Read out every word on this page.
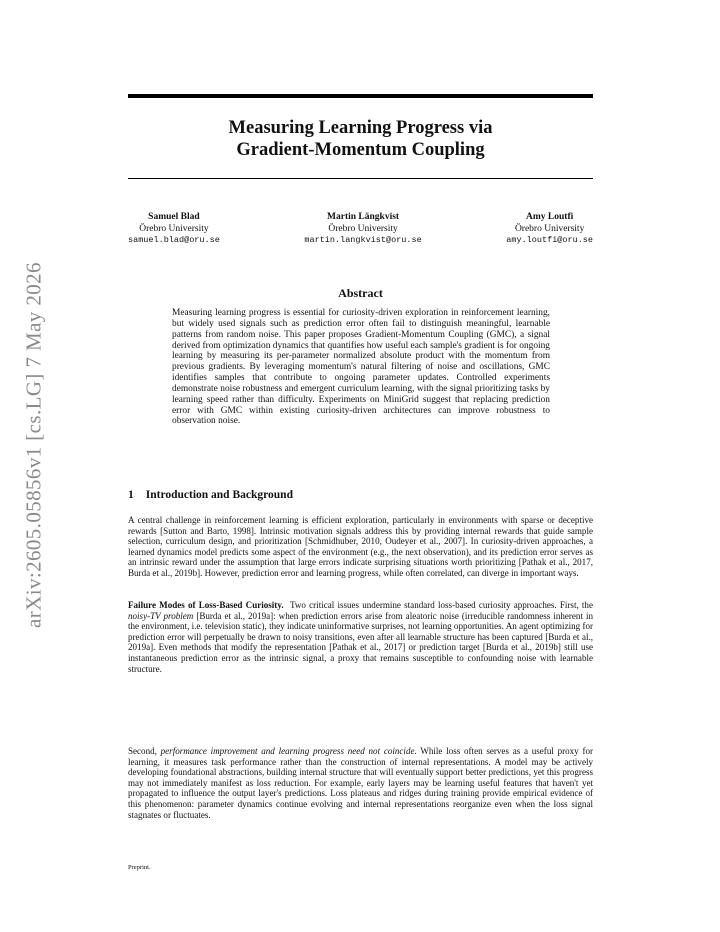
arXiv:2605.05856v1 [cs.LG] 7 May 2026
Measuring Learning Progress via
Gradient-Momentum Coupling
Samuel Blad
Örebro University
samuel.blad@oru.se
Martin Längkvist
Örebro University
martin.langkvist@oru.se
Amy Loutfi
Örebro University
amy.loutfi@oru.se
Abstract
Measuring learning progress is essential for curiosity-driven exploration in reinforcement learning, but widely used signals such as prediction error often fail to distinguish meaningful, learnable patterns from random noise. This paper proposes Gradient-Momentum Coupling (GMC), a signal derived from optimization dynamics that quantifies how useful each sample's gradient is for ongoing learning by measuring its per-parameter normalized absolute product with the momentum from previous gradients. By leveraging momentum's natural filtering of noise and oscillations, GMC identifies samples that contribute to ongoing parameter updates. Controlled experiments demonstrate noise robustness and emergent curriculum learning, with the signal prioritizing tasks by learning speed rather than difficulty. Experiments on MiniGrid suggest that replacing prediction error with GMC within existing curiosity-driven architectures can improve robustness to observation noise.
1 Introduction and Background
A central challenge in reinforcement learning is efficient exploration, particularly in environments with sparse or deceptive rewards [Sutton and Barto, 1998]. Intrinsic motivation signals address this by providing internal rewards that guide sample selection, curriculum design, and prioritization [Schmidhuber, 2010, Oudeyer et al., 2007]. In curiosity-driven approaches, a learned dynamics model predicts some aspect of the environment (e.g., the next observation), and its prediction error serves as an intrinsic reward under the assumption that large errors indicate surprising situations worth prioritizing [Pathak et al., 2017, Burda et al., 2019b]. However, prediction error and learning progress, while often correlated, can diverge in important ways.
Failure Modes of Loss-Based Curiosity. Two critical issues undermine standard loss-based curiosity approaches. First, the noisy-TV problem [Burda et al., 2019a]: when prediction errors arise from aleatoric noise (irreducible randomness inherent in the environment, i.e. television static), they indicate uninformative surprises, not learning opportunities. An agent optimizing for prediction error will perpetually be drawn to noisy transitions, even after all learnable structure has been captured [Burda et al., 2019a]. Even methods that modify the representation [Pathak et al., 2017] or prediction target [Burda et al., 2019b] still use instantaneous prediction error as the intrinsic signal, a proxy that remains susceptible to confounding noise with learnable structure.
Second, performance improvement and learning progress need not coincide. While loss often serves as a useful proxy for learning, it measures task performance rather than the construction of internal representations. A model may be actively developing foundational abstractions, building internal structure that will eventually support better predictions, yet this progress may not immediately manifest as loss reduction. For example, early layers may be learning useful features that haven't yet propagated to influence the output layer's predictions. Loss plateaus and ridges during training provide empirical evidence of this phenomenon: parameter dynamics continue evolving and internal representations reorganize even when the loss signal stagnates or fluctuates.
Preprint.
